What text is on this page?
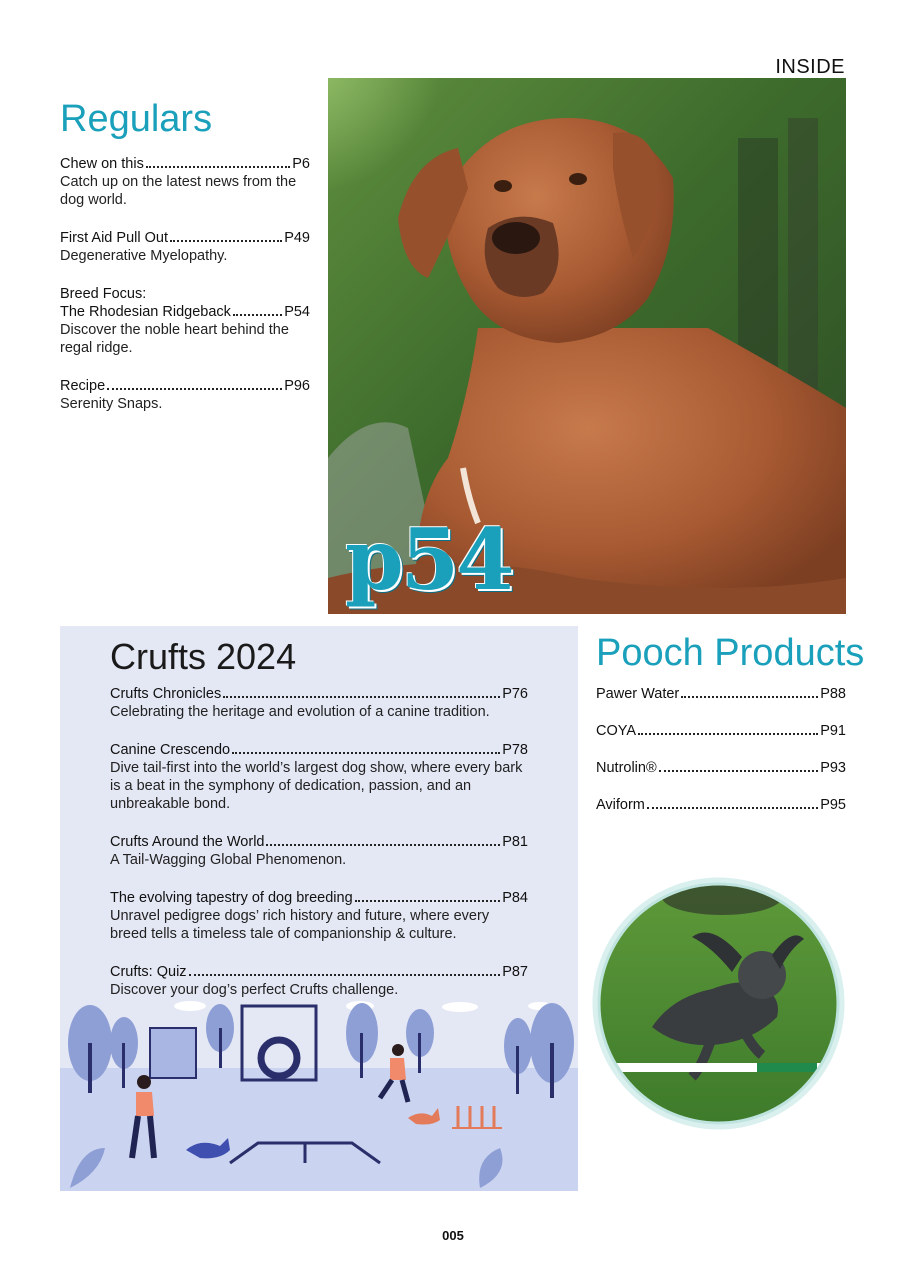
INSIDE
Regulars
Chew on this	P6
Catch up on the latest news from the dog world.
First Aid Pull Out	P49
Degenerative Myelopathy.
Breed Focus:
The Rhodesian Ridgeback	P54
Discover the noble heart behind the regal ridge.
Recipe	P96
Serenity Snaps.
p54
Crufts 2024
Crufts Chronicles	P76
Celebrating the heritage and evolution of a canine tradition.
Canine Crescendo	P78
Dive tail-first into the world’s largest dog show, where every bark is a beat in the symphony of dedication, passion, and an unbreakable bond.
Crufts Around the World	P81
A Tail-Wagging Global Phenomenon.
The evolving tapestry of dog breeding	P84
Unravel pedigree dogs’ rich history and future, where every breed tells a timeless tale of companionship & culture.
Crufts: Quiz	P87
Discover your dog’s perfect Crufts challenge.
Pooch Products
Pawer Water	P88
COYA	P91
Nutrolin®	P93
Aviform	P95
005
